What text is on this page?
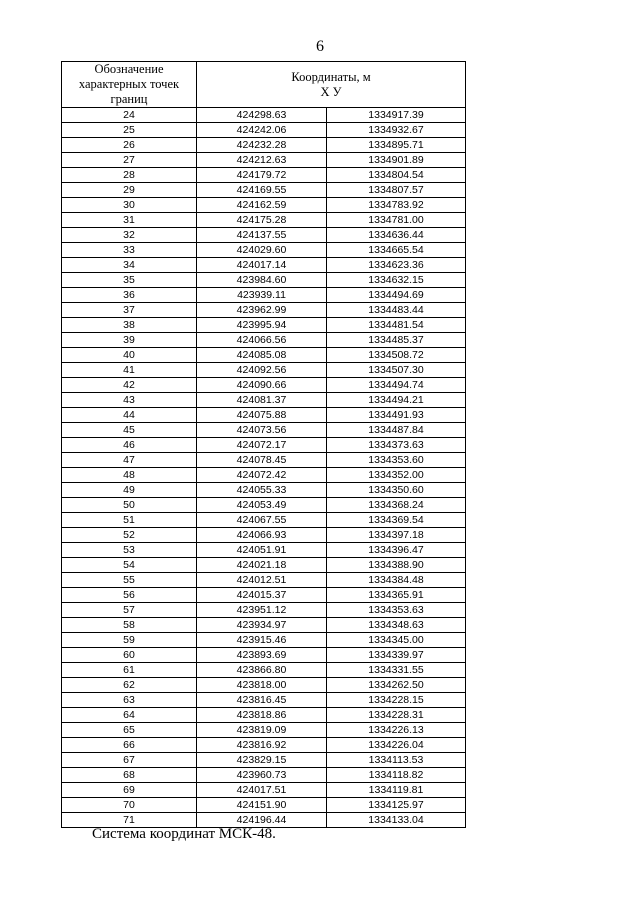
6
Обозначение характерных точек границ	Координаты, м
X У	
24	424298.63	1334917.39
25	424242.06	1334932.67
26	424232.28	1334895.71
27	424212.63	1334901.89
28	424179.72	1334804.54
29	424169.55	1334807.57
30	424162.59	1334783.92
31	424175.28	1334781.00
32	424137.55	1334636.44
33	424029.60	1334665.54
34	424017.14	1334623.36
35	423984.60	1334632.15
36	423939.11	1334494.69
37	423962.99	1334483.44
38	423995.94	1334481.54
39	424066.56	1334485.37
40	424085.08	1334508.72
41	424092.56	1334507.30
42	424090.66	1334494.74
43	424081.37	1334494.21
44	424075.88	1334491.93
45	424073.56	1334487.84
46	424072.17	1334373.63
47	424078.45	1334353.60
48	424072.42	1334352.00
49	424055.33	1334350.60
50	424053.49	1334368.24
51	424067.55	1334369.54
52	424066.93	1334397.18
53	424051.91	1334396.47
54	424021.18	1334388.90
55	424012.51	1334384.48
56	424015.37	1334365.91
57	423951.12	1334353.63
58	423934.97	1334348.63
59	423915.46	1334345.00
60	423893.69	1334339.97
61	423866.80	1334331.55
62	423818.00	1334262.50
63	423816.45	1334228.15
64	423818.86	1334228.31
65	423819.09	1334226.13
66	423816.92	1334226.04
67	423829.15	1334113.53
68	423960.73	1334118.82
69	424017.51	1334119.81
70	424151.90	1334125.97
71	424196.44	1334133.04
Система координат МСК-48.
